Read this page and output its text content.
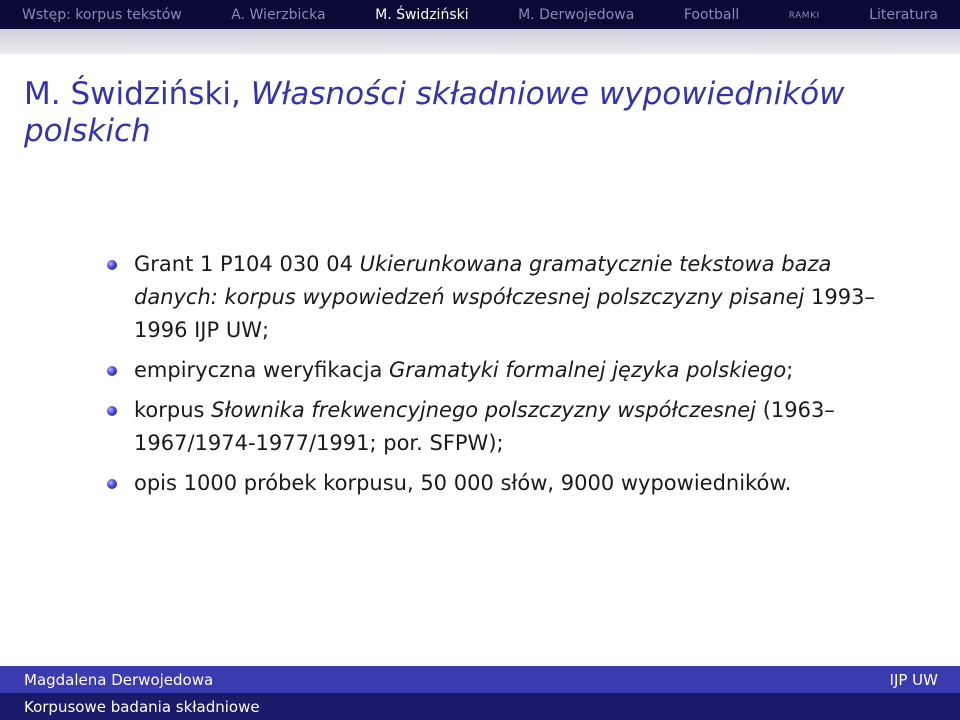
Wstęp: korpus tekstów	A. Wierzbicka	M. Świdziński	M. Derwojedowa	Football	ramki	Literatura
M. Świdziński, Własności składniowe wypowiedników polskich
Grant 1 P104 030 04 Ukierunkowana gramatycznie tekstowa baza danych: korpus wypowiedzeń współczesnej polszczyzny pisanej 1993–1996 IJP UW;
empiryczna weryfikacja Gramatyki formalnej języka polskiego;
korpus Słownika frekwencyjnego polszczyzny współczesnej (1963–1967/1974-1977/1991; por. SFPW);
opis 1000 próbek korpusu, 50 000 słów, 9000 wypowiedników.
Magdalena Derwojedowa	IJP UW
Korpusowe badania składniowe
